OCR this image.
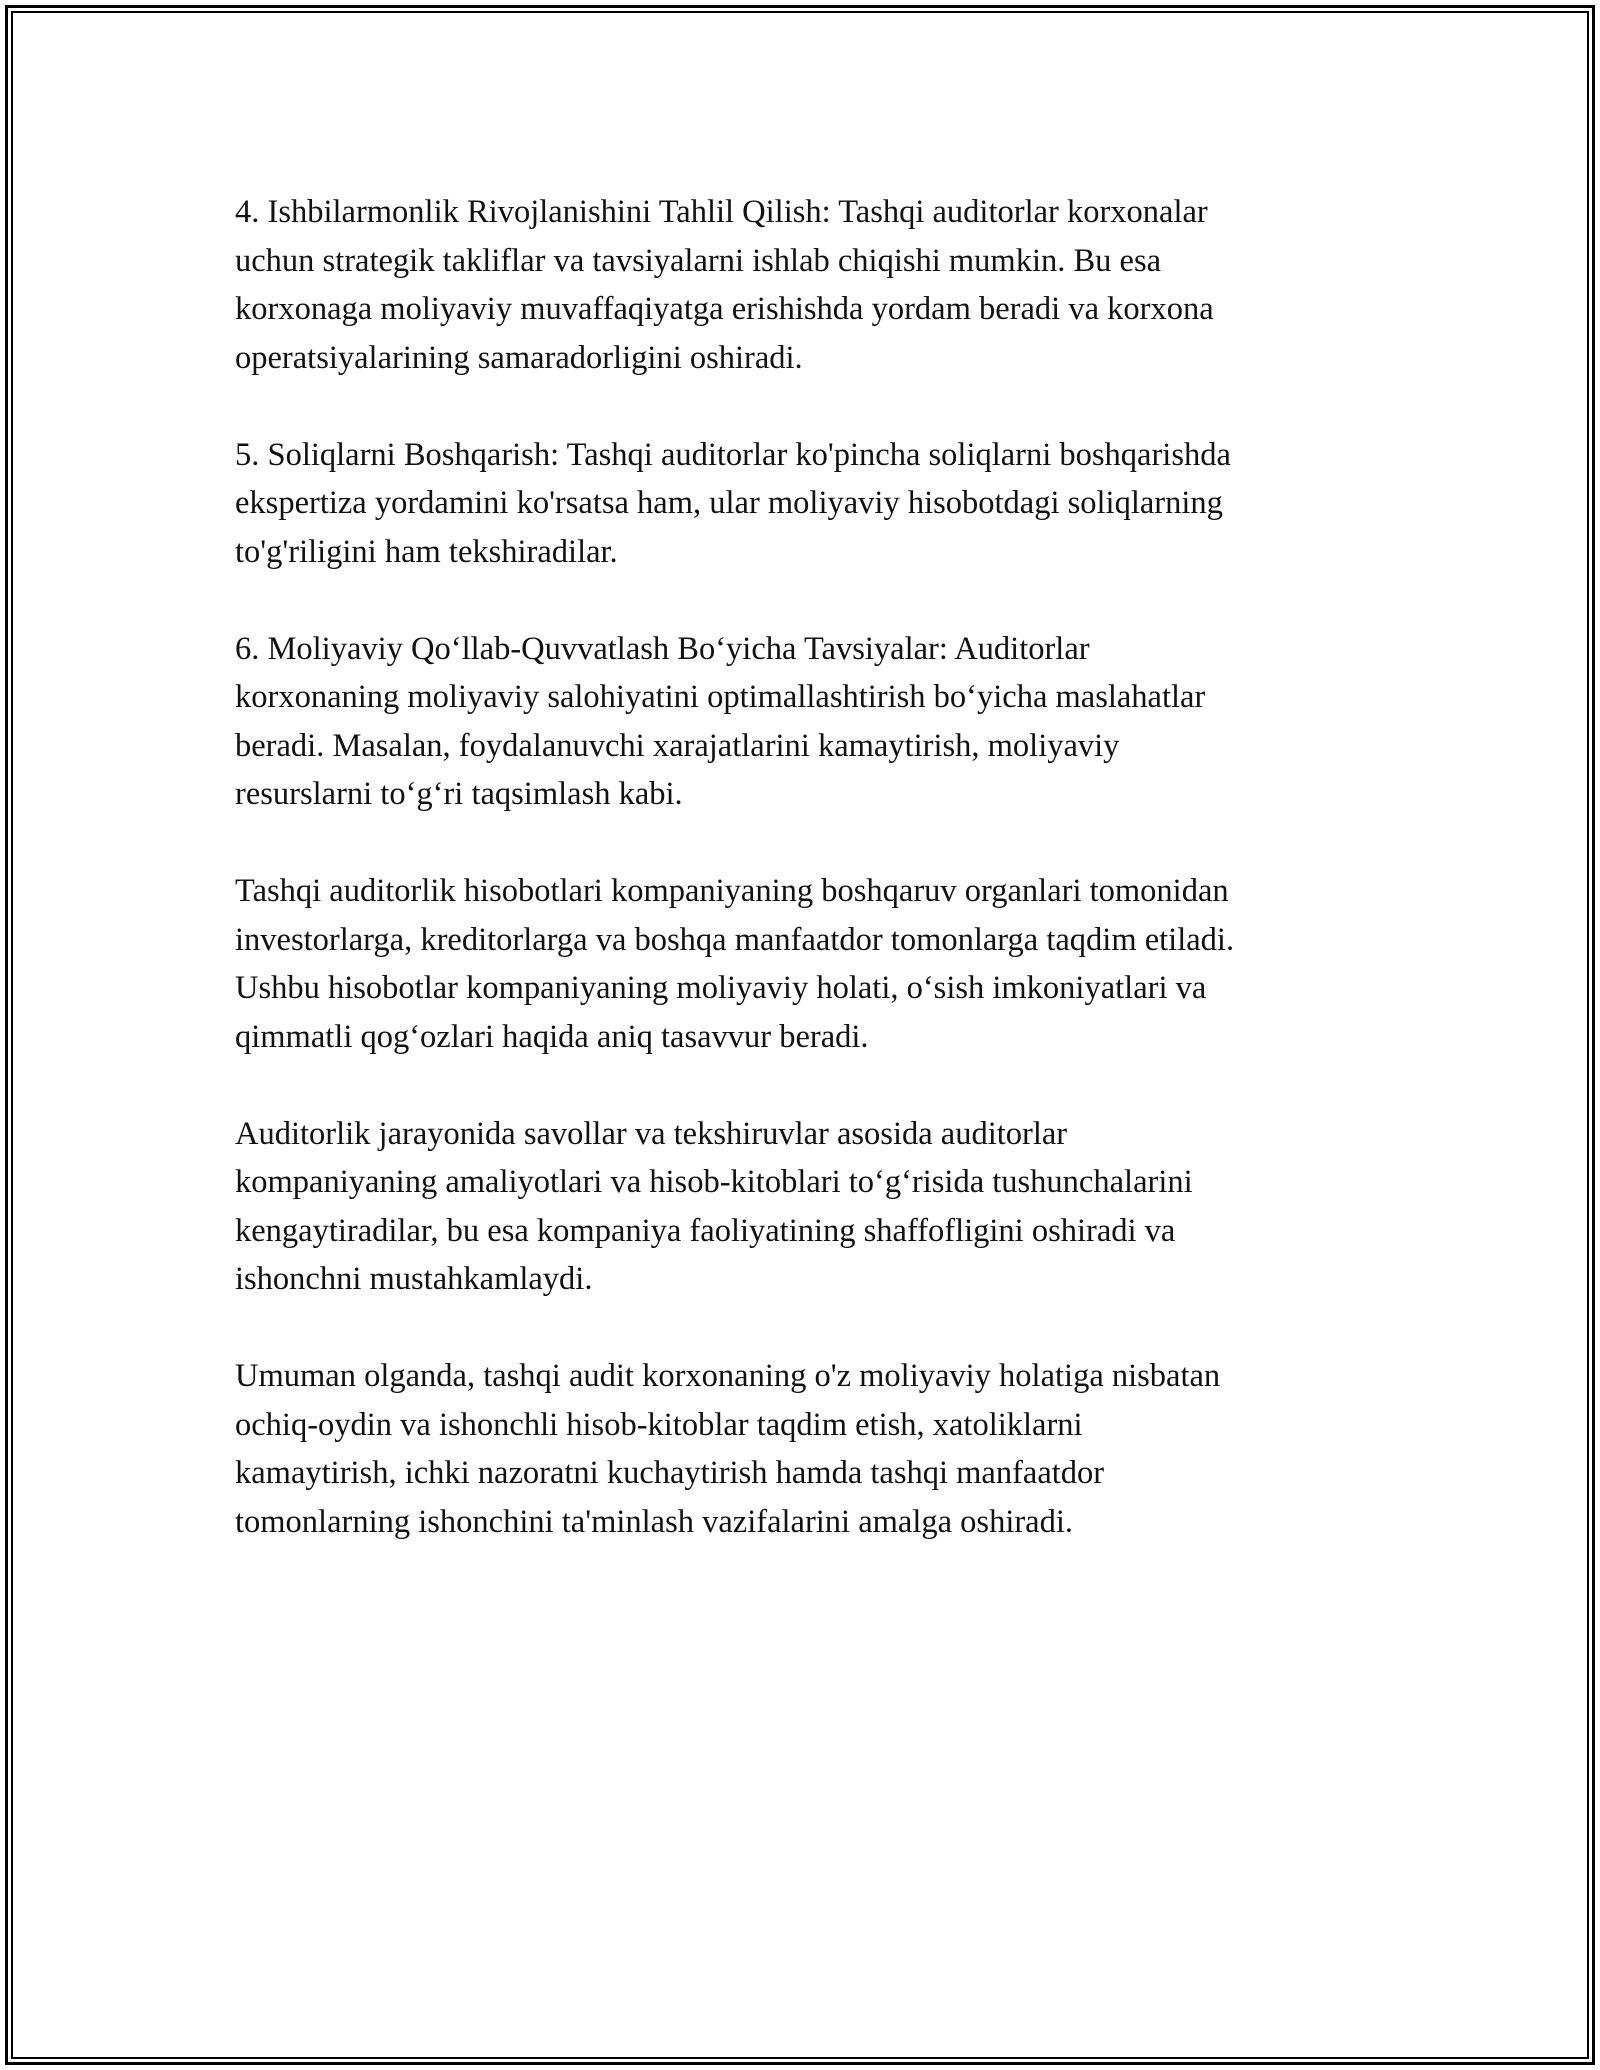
4. Ishbilarmonlik Rivojlanishini Tahlil Qilish: Tashqi auditorlar korxonalar
uchun strategik takliflar va tavsiyalarni ishlab chiqishi mumkin. Bu esa
korxonaga moliyaviy muvaffaqiyatga erishishda yordam beradi va korxona
operatsiyalarining samaradorligini oshiradi.

5. Soliqlarni Boshqarish: Tashqi auditorlar ko'pincha soliqlarni boshqarishda
ekspertiza yordamini ko'rsatsa ham, ular moliyaviy hisobotdagi soliqlarning
to'g'riligini ham tekshiradilar.

6. Moliyaviy Qo‘llab-Quvvatlash Bo‘yicha Tavsiyalar: Auditorlar
korxonaning moliyaviy salohiyatini optimallashtirish bo‘yicha maslahatlar
beradi. Masalan, foydalanuvchi xarajatlarini kamaytirish, moliyaviy
resurslarni to‘g‘ri taqsimlash kabi.

Tashqi auditorlik hisobotlari kompaniyaning boshqaruv organlari tomonidan
investorlarga, kreditorlarga va boshqa manfaatdor tomonlarga taqdim etiladi.
Ushbu hisobotlar kompaniyaning moliyaviy holati, o‘sish imkoniyatlari va
qimmatli qog‘ozlari haqida aniq tasavvur beradi.

Auditorlik jarayonida savollar va tekshiruvlar asosida auditorlar
kompaniyaning amaliyotlari va hisob-kitoblari to‘g‘risida tushunchalarini
kengaytiradilar, bu esa kompaniya faoliyatining shaffofligini oshiradi va
ishonchni mustahkamlaydi.

Umuman olganda, tashqi audit korxonaning o'z moliyaviy holatiga nisbatan
ochiq-oydin va ishonchli hisob-kitoblar taqdim etish, xatoliklarni
kamaytirish, ichki nazoratni kuchaytirish hamda tashqi manfaatdor
tomonlarning ishonchini ta'minlash vazifalarini amalga oshiradi.
